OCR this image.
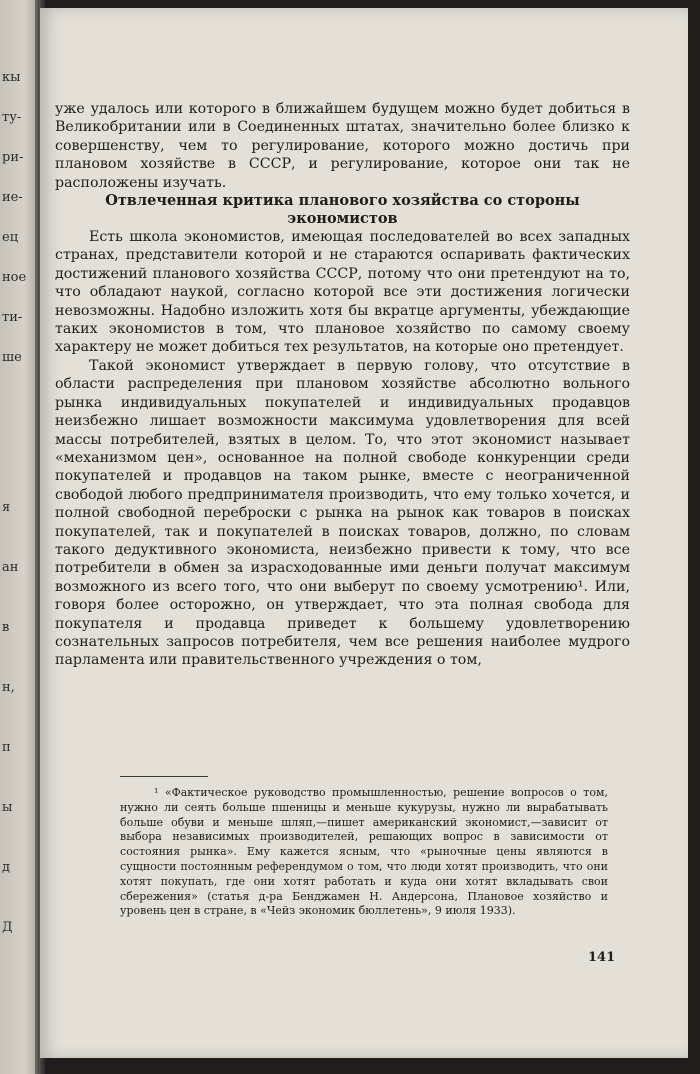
кы
ту-
ри-
ие-
ец
ное
ти-
ше
я
ан
в
н,
п
ы
д
Д

уже удалось или которого в ближайшем будущем можно будет добиться в Великобритании или в Соединенных штатах, значительно более близко к совершенству, чем то регулирование, которого можно достичь при плановом хозяйстве в СССР, и регулирование, которое они так не расположены изучать.

Отвлеченная критика планового хозяйства со стороны экономистов

Есть школа экономистов, имеющая последователей во всех западных странах, представители которой и не стараются оспаривать фактических достижений планового хозяйства СССР, потому что они претендуют на то, что обладают наукой, согласно которой все эти достижения логически невозможны. Надобно изложить хотя бы вкратце аргументы, убеждающие таких экономистов в том, что плановое хозяйство по самому своему характеру не может добиться тех результатов, на которые оно претендует.

Такой экономист утверждает в первую голову, что отсутствие в области распределения при плановом хозяйстве абсолютно вольного рынка индивидуальных покупателей и индивидуальных продавцов неизбежно лишает возможности максимума удовлетворения для всей массы потребителей, взятых в целом. То, что этот экономист называет «механизмом цен», основанное на полной свободе конкуренции среди покупателей и продавцов на таком рынке, вместе с неограниченной свободой любого предпринимателя производить, что ему только хочется, и полной свободной переброски с рынка на рынок как товаров в поисках покупателей, так и покупателей в поисках товаров, должно, по словам такого дедуктивного экономиста, неизбежно привести к тому, что все потребители в обмен за израсходованные ими деньги получат максимум возможного из всего того, что они выберут по своему усмотрению¹. Или, говоря более осторожно, он утверждает, что эта полная свобода для покупателя и продавца приведет к большему удовлетворению сознательных запросов потребителя, чем все решения наиболее мудрого парламента или правительственного учреждения о том,

¹ «Фактическое руководство промышленностью, решение вопросов о том, нужно ли сеять больше пшеницы и меньше кукурузы, нужно ли вырабатывать больше обуви и меньше шляп,—пишет американский экономист,—зависит от выбора независимых производителей, решающих вопрос в зависимости от состояния рынка». Ему кажется ясным, что «рыночные цены являются в сущности постоянным референдумом о том, что люди хотят производить, что они хотят покупать, где они хотят работать и куда они хотят вкладывать свои сбережения» (статья д-ра Бенджамен Н. Андерсона, Плановое хозяйство и уровень цен в стране, в «Чейз экономик бюллетень», 9 июля 1933).

141
